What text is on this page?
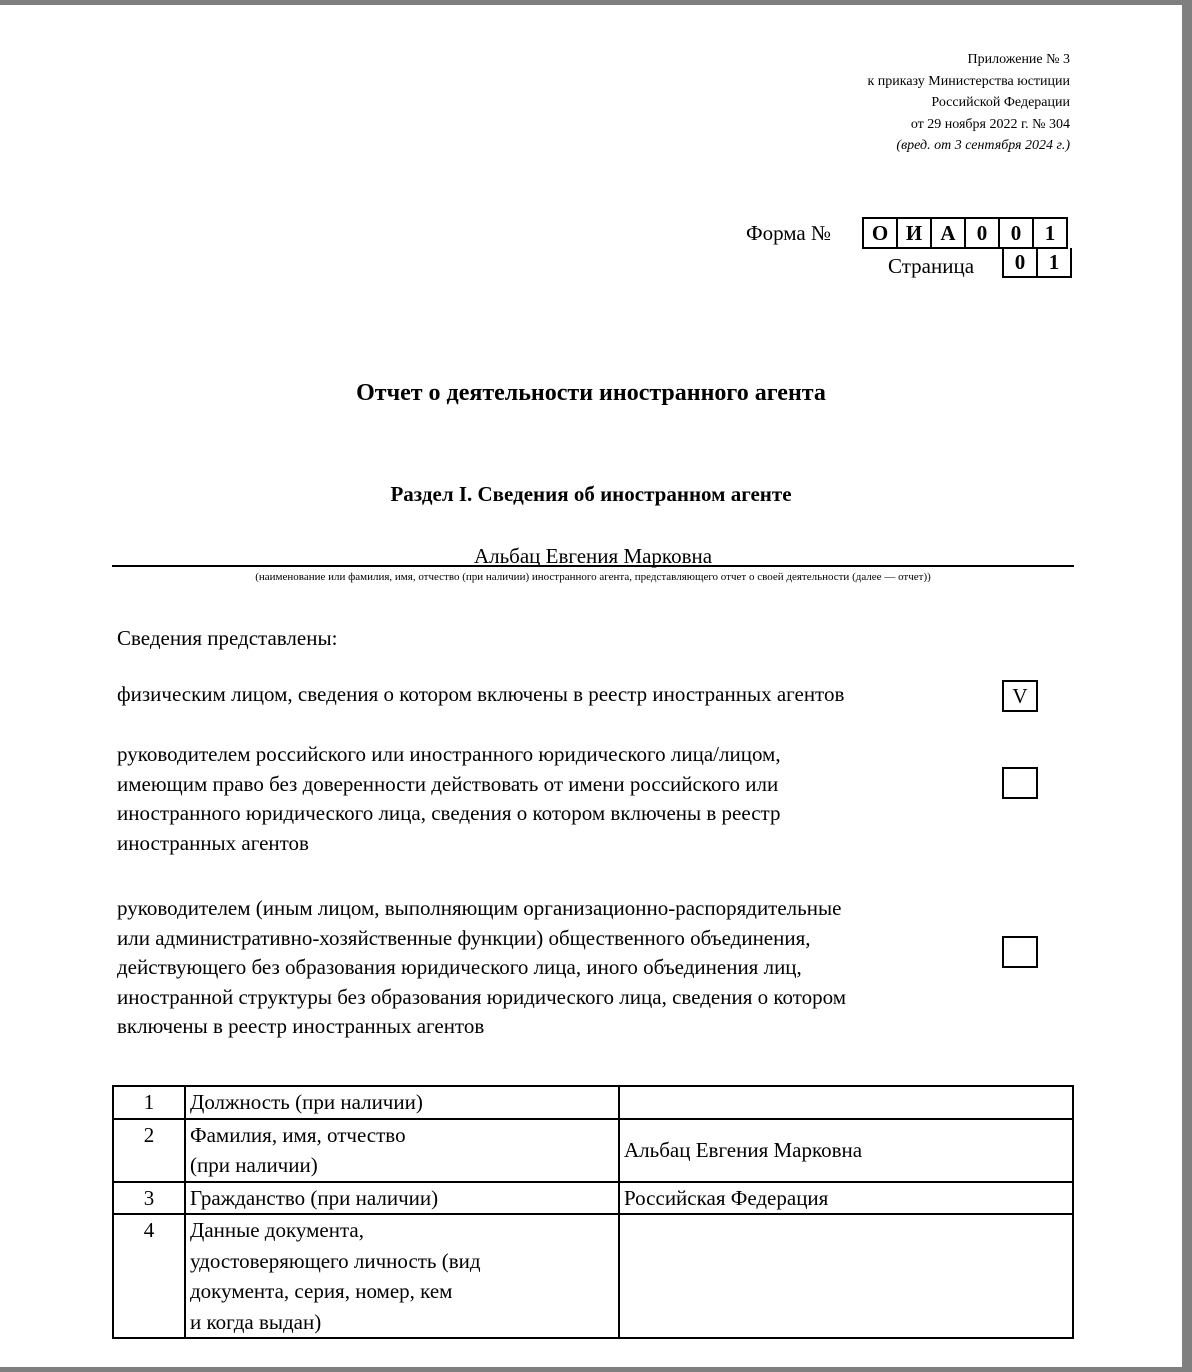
Приложение № 3
к приказу Министерства юстиции
Российской Федерации
от 29 ноября 2022 г. № 304
(вред. от 3 сентября 2024 г.)
Форма №	О И А	0	0	1
Страница	0	1
Отчет о деятельности иностранного агента
Раздел I. Сведения об иностранном агенте
Альбац Евгения Марковна
(наименование или фамилия, имя, отчество (при наличии) иностранного агента, представляющего отчет о своей деятельности (далее — отчет))
Сведения представлены:
физическим лицом, сведения о котором включены в реестр иностранных агентов	V
руководителем российского или иностранного юридического лица/лицом,
имеющим право без доверенности действовать от имени российского или
иностранного юридического лица, сведения о котором включены в реестр
иностранных агентов
руководителем (иным лицом, выполняющим организационно-распорядительные
или административно-хозяйственные функции) общественного объединения,
действующего без образования юридического лица, иного объединения лиц,
иностранной структуры без образования юридического лица, сведения о котором
включены в реестр иностранных агентов
1	Должность (при наличии)	

2	Фамилия, имя, отчество
(при наличии)	Альбац Евгения Марковна
3	Гражданство (при наличии)	Российская Федерация
4	Данные документа,
удостоверяющего личность (вид
документа, серия, номер, кем
и когда выдан)	
